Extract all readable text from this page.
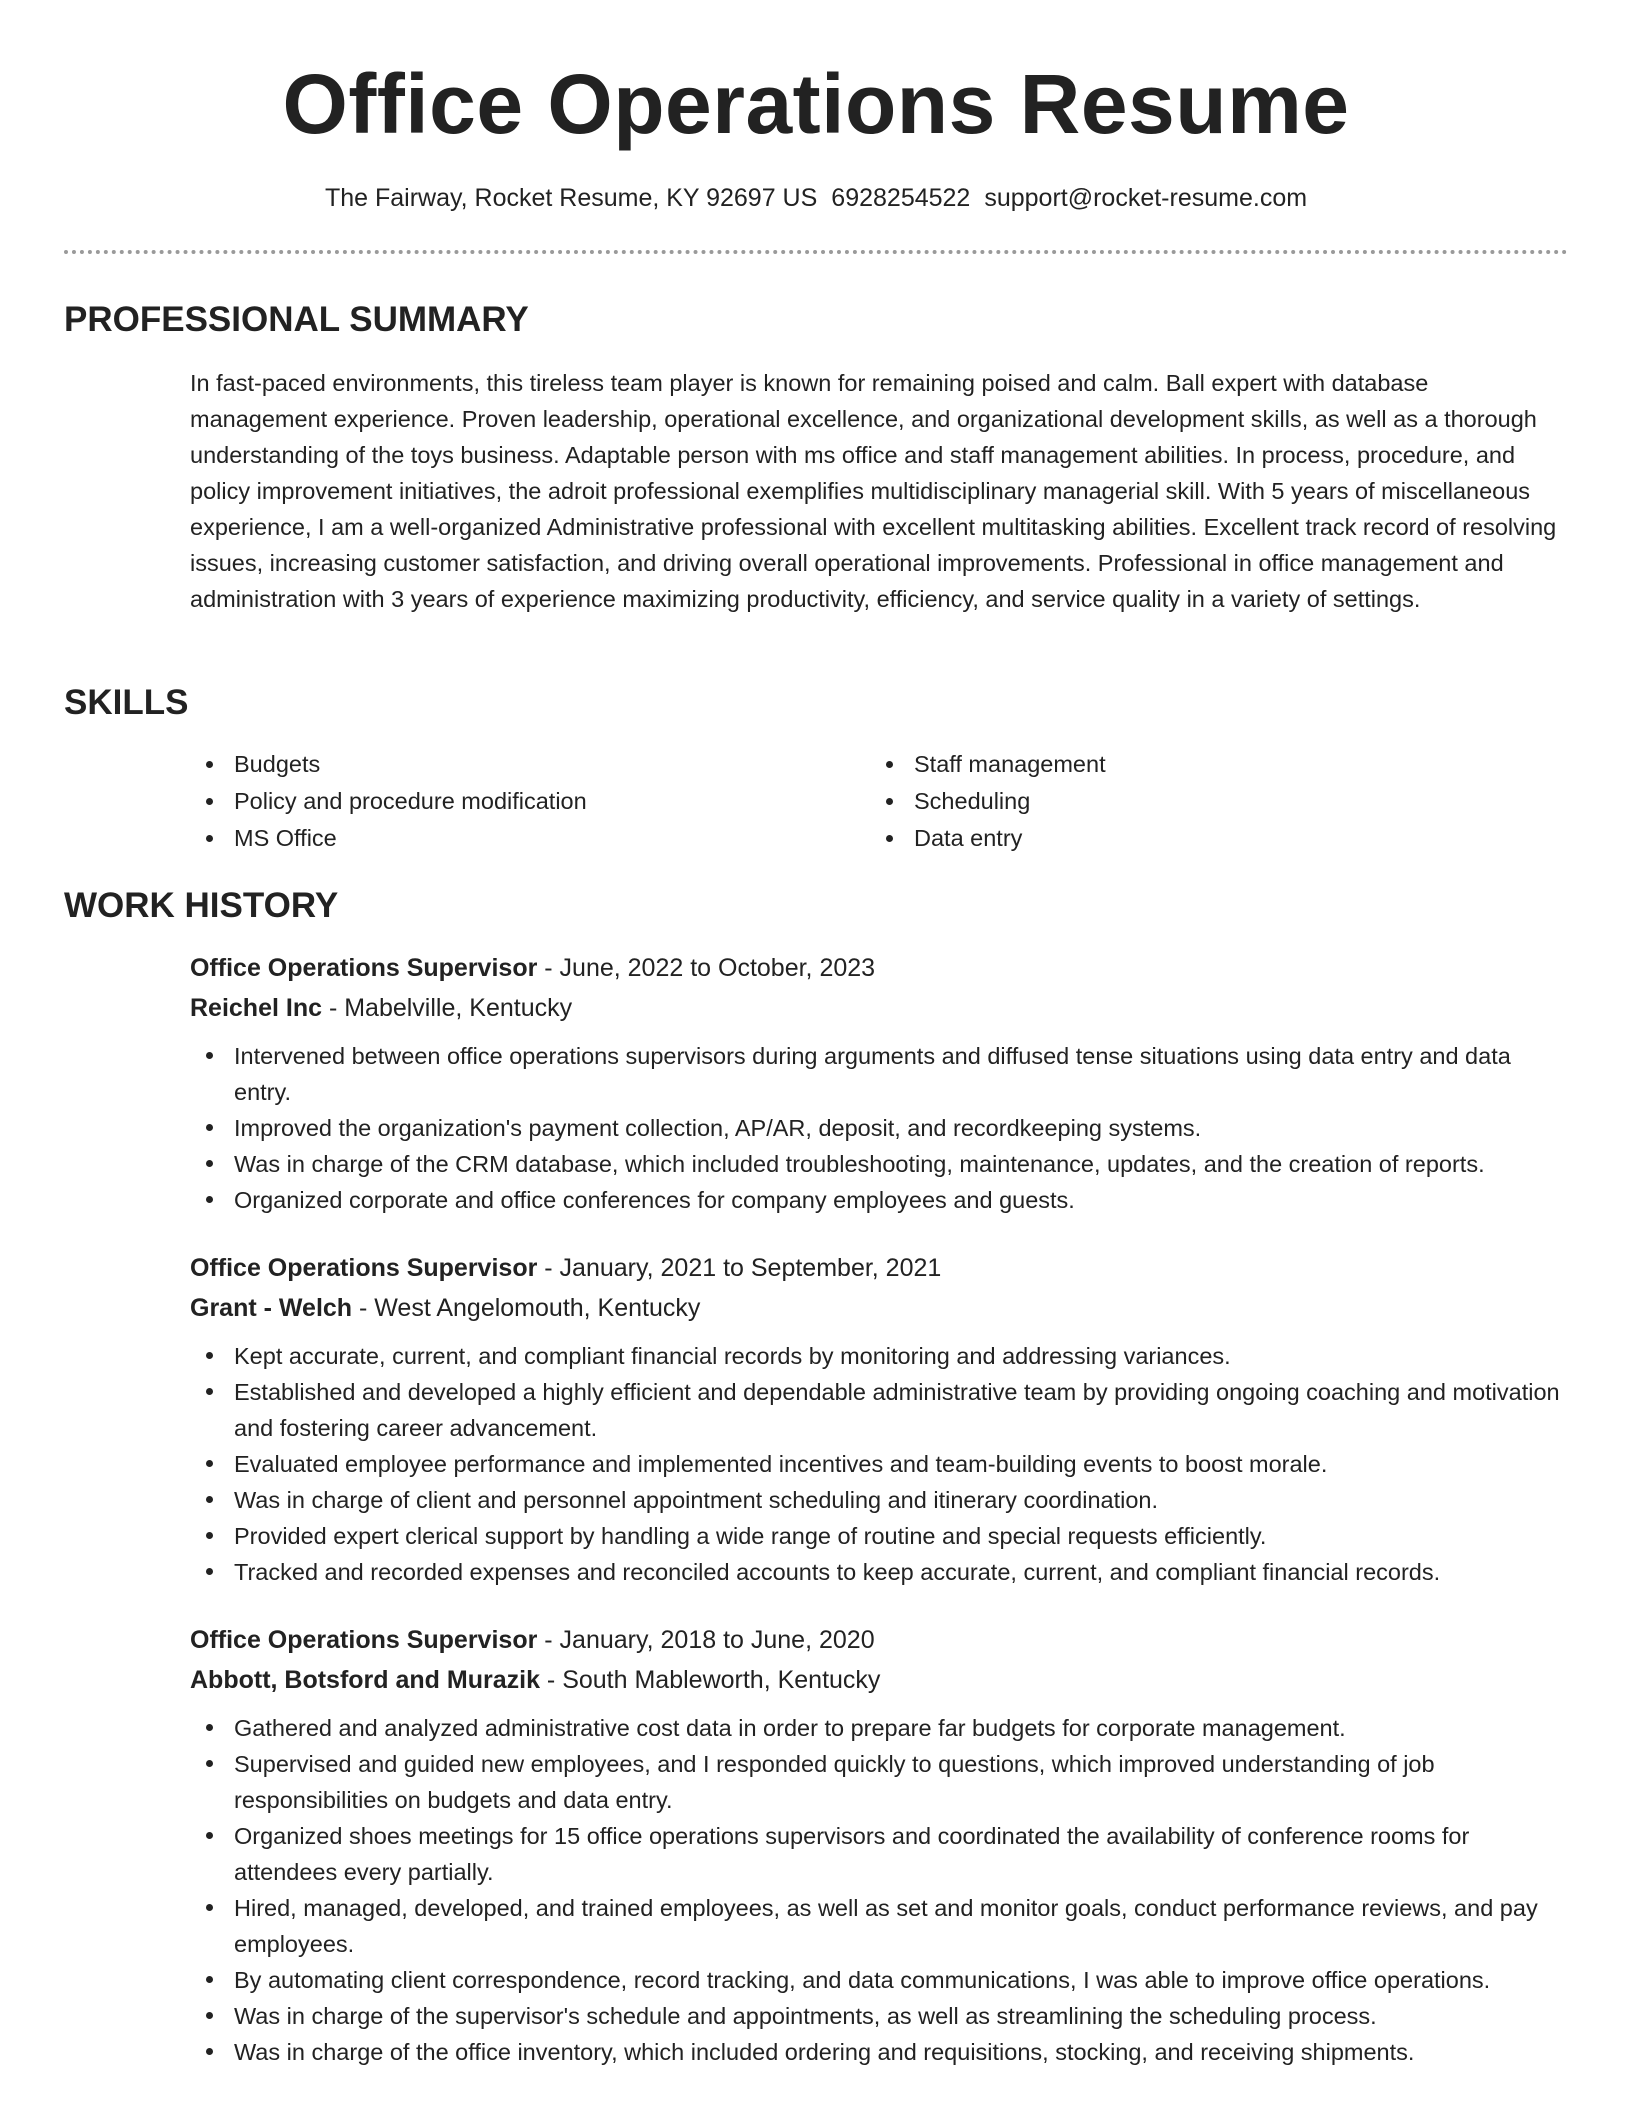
Office Operations Resume
The Fairway, Rocket Resume, KY 92697 US 6928254522 support@rocket-resume.com
PROFESSIONAL SUMMARY

In fast-paced environments, this tireless team player is known for remaining poised and calm. Ball expert with database management experience. Proven leadership, operational excellence, and organizational development skills, as well as a thorough understanding of the toys business. Adaptable person with ms office and staff management abilities. In process, procedure, and policy improvement initiatives, the adroit professional exemplifies multidisciplinary managerial skill. With 5 years of miscellaneous experience, I am a well-organized Administrative professional with excellent multitasking abilities. Excellent track record of resolving issues, increasing customer satisfaction, and driving overall operational improvements. Professional in office management and administration with 3 years of experience maximizing productivity, efficiency, and service quality in a variety of settings.

SKILLS
Budgets	Staff management
Policy and procedure modification	Scheduling
MS Office	Data entry
WORK HISTORY

Office Operations Supervisor - June, 2022 to October, 2023

Reichel Inc - Mabelville, Kentucky

Intervened between office operations supervisors during arguments and diffused tense situations using data entry and data entry.
Improved the organization's payment collection, AP/AR, deposit, and recordkeeping systems.
Was in charge of the CRM database, which included troubleshooting, maintenance, updates, and the creation of reports.
Organized corporate and office conferences for company employees and guests.

Office Operations Supervisor - January, 2021 to September, 2021

Grant - Welch - West Angelomouth, Kentucky

Kept accurate, current, and compliant financial records by monitoring and addressing variances.
Established and developed a highly efficient and dependable administrative team by providing ongoing coaching and motivation and fostering career advancement.
Evaluated employee performance and implemented incentives and team-building events to boost morale.
Was in charge of client and personnel appointment scheduling and itinerary coordination.
Provided expert clerical support by handling a wide range of routine and special requests efficiently.
Tracked and recorded expenses and reconciled accounts to keep accurate, current, and compliant financial records.

Office Operations Supervisor - January, 2018 to June, 2020

Abbott, Botsford and Murazik - South Mableworth, Kentucky

Gathered and analyzed administrative cost data in order to prepare far budgets for corporate management.
Supervised and guided new employees, and I responded quickly to questions, which improved understanding of job responsibilities on budgets and data entry.
Organized shoes meetings for 15 office operations supervisors and coordinated the availability of conference rooms for attendees every partially.
Hired, managed, developed, and trained employees, as well as set and monitor goals, conduct performance reviews, and pay employees.
By automating client correspondence, record tracking, and data communications, I was able to improve office operations.
Was in charge of the supervisor's schedule and appointments, as well as streamlining the scheduling process.
Was in charge of the office inventory, which included ordering and requisitions, stocking, and receiving shipments.
